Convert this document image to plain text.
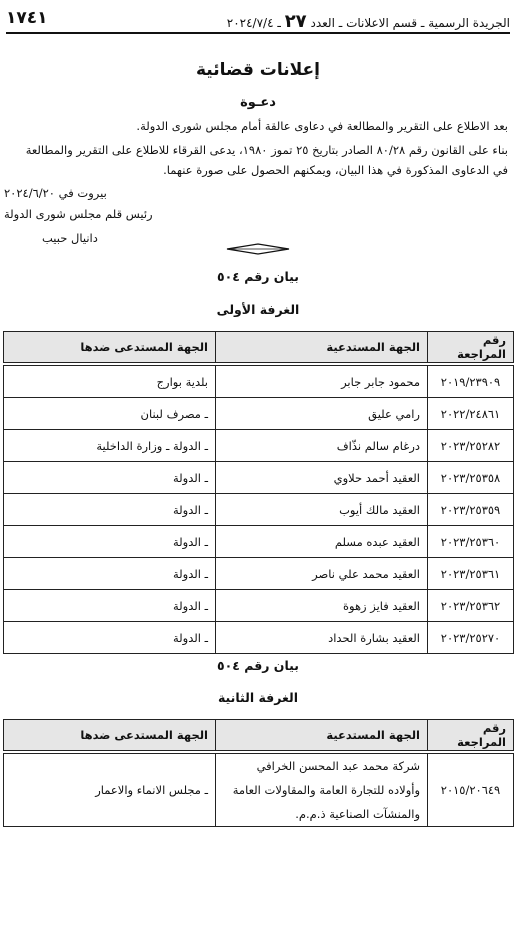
١٧٤١	الجريدة الرسمية ـ قسم الاعلانات ـ العدد ٢٧ ـ ٢٠٢٤/٧/٤
إعلانات قضائية
دعـوة
بعد الاطلاع على التقرير والمطالعة في دعاوى عالقة أمام مجلس شورى الدولة.
بناء على القانون رقم ٨٠/٢٨ الصادر بتاريخ ٢٥ تموز ١٩٨٠، يدعى القرقاء للاطلاع على التقرير والمطالعة
في الدعاوى المذكورة في هذا البيان، ويمكنهم الحصول على صورة عنهما.
بيروت في ٢٠٢٤/٦/٢٠
رئيس قلم مجلس شورى الدولة
دانيال حبيب
بيان رقم ٥٠٤
الغرفة الأولى
رقم المراجعة	الجهة المستدعية	الجهة المستدعى ضدها

٢٠١٩/٢٣٩٠٩	محمود جابر جابر	بلدية بوارج
٢٠٢٢/٢٤٨٦١	رامي عليق	ـ مصرف لبنان
٢٠٢٣/٢٥٢٨٢	درغام سالم نذّاف	ـ الدولة ـ وزارة الداخلية
٢٠٢٣/٢٥٣٥٨	العقيد أحمد حلاوي	ـ الدولة
٢٠٢٣/٢٥٣٥٩	العقيد مالك أيوب	ـ الدولة
٢٠٢٣/٢٥٣٦٠	العقيد عبده مسلم	ـ الدولة
٢٠٢٣/٢٥٣٦١	العقيد محمد علي ناصر	ـ الدولة
٢٠٢٣/٢٥٣٦٢	العقيد فايز زهوة	ـ الدولة
٢٠٢٣/٢٥٢٧٠	العقيد بشارة الحداد	ـ الدولة
بيان رقم ٥٠٤
الغرفة الثانية
رقم المراجعة	الجهة المستدعية	الجهة المستدعى ضدها

٢٠١٥/٢٠٦٤٩	شركة محمد عبد المحسن الخرافي
وأولاده للتجارة العامة والمقاولات العامة
والمنشآت الصناعية ذ.م.م.	ـ مجلس الانماء والاعمار
